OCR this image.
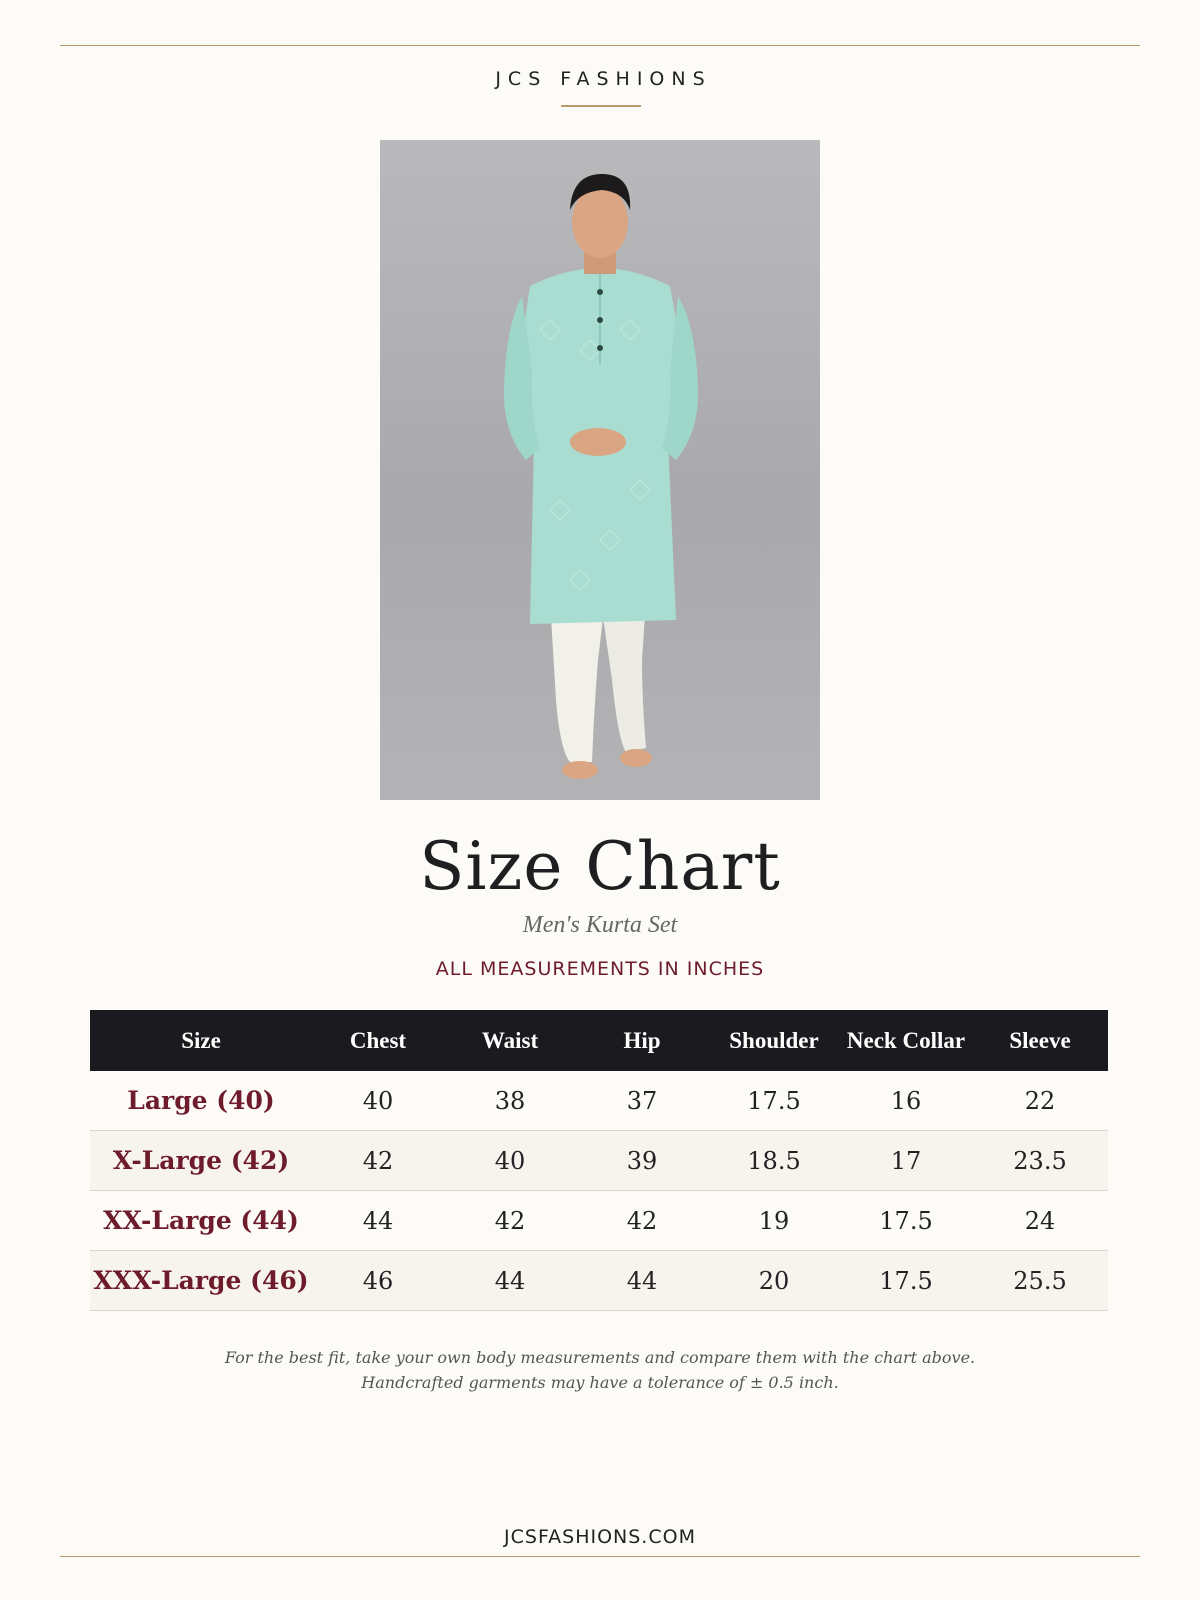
JCS FASHIONS
Size Chart
Men's Kurta Set
ALL MEASUREMENTS IN INCHES
Size	Chest	Waist	Hip	Shoulder	Neck Collar	Sleeve
Large (40)	40	38	37	17.5	16	22
X-Large (42)	42	40	39	18.5	17	23.5
XX-Large (44)	44	42	42	19	17.5	24
XXX-Large (46)	46	44	44	20	17.5	25.5
For the best fit, take your own body measurements and compare them with the chart above.
Handcrafted garments may have a tolerance of ± 0.5 inch.
JCSFASHIONS.COM
